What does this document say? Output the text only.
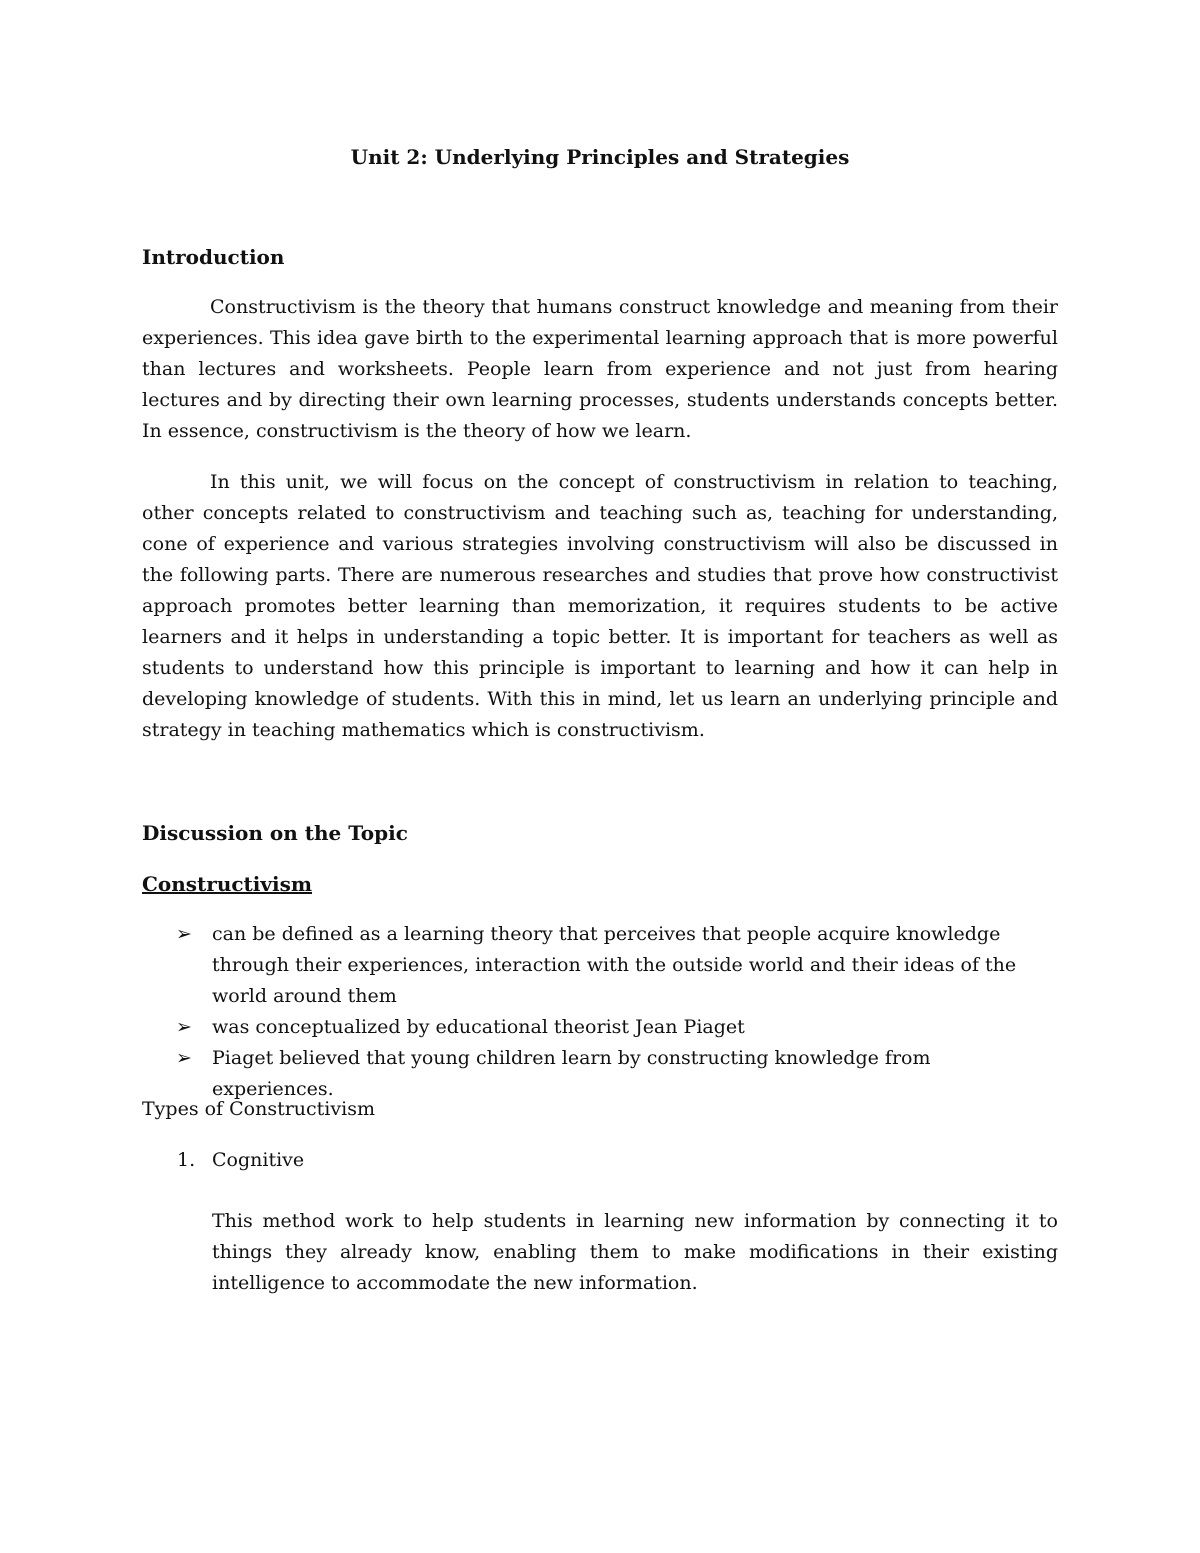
Unit 2: Underlying Principles and Strategies
Introduction

Constructivism is the theory that humans construct knowledge and meaning from their experiences. This idea gave birth to the experimental learning approach that is more powerful than lectures and worksheets. People learn from experience and not just from hearing lectures and by directing their own learning processes, students understands concepts better. In essence, constructivism is the theory of how we learn.

In this unit, we will focus on the concept of constructivism in relation to teaching, other concepts related to constructivism and teaching such as, teaching for understanding, cone of experience and various strategies involving constructivism will also be discussed in the following parts. There are numerous researches and studies that prove how constructivist approach promotes better learning than memorization, it requires students to be active learners and it helps in understanding a topic better. It is important for teachers as well as students to understand how this principle is important to learning and how it can help in developing knowledge of students. With this in mind, let us learn an underlying principle and strategy in teaching mathematics which is constructivism.

Discussion on the Topic
Constructivism
➢ can be defined as a learning theory that perceives that people acquire knowledge through their experiences, interaction with the outside world and their ideas of the world around them
➢ was conceptualized by educational theorist Jean Piaget
➢ Piaget believed that young children learn by constructing knowledge from experiences.

Types of Constructivism

1. Cognitive

This method work to help students in learning new information by connecting it to things they already know, enabling them to make modifications in their existing intelligence to accommodate the new information.
